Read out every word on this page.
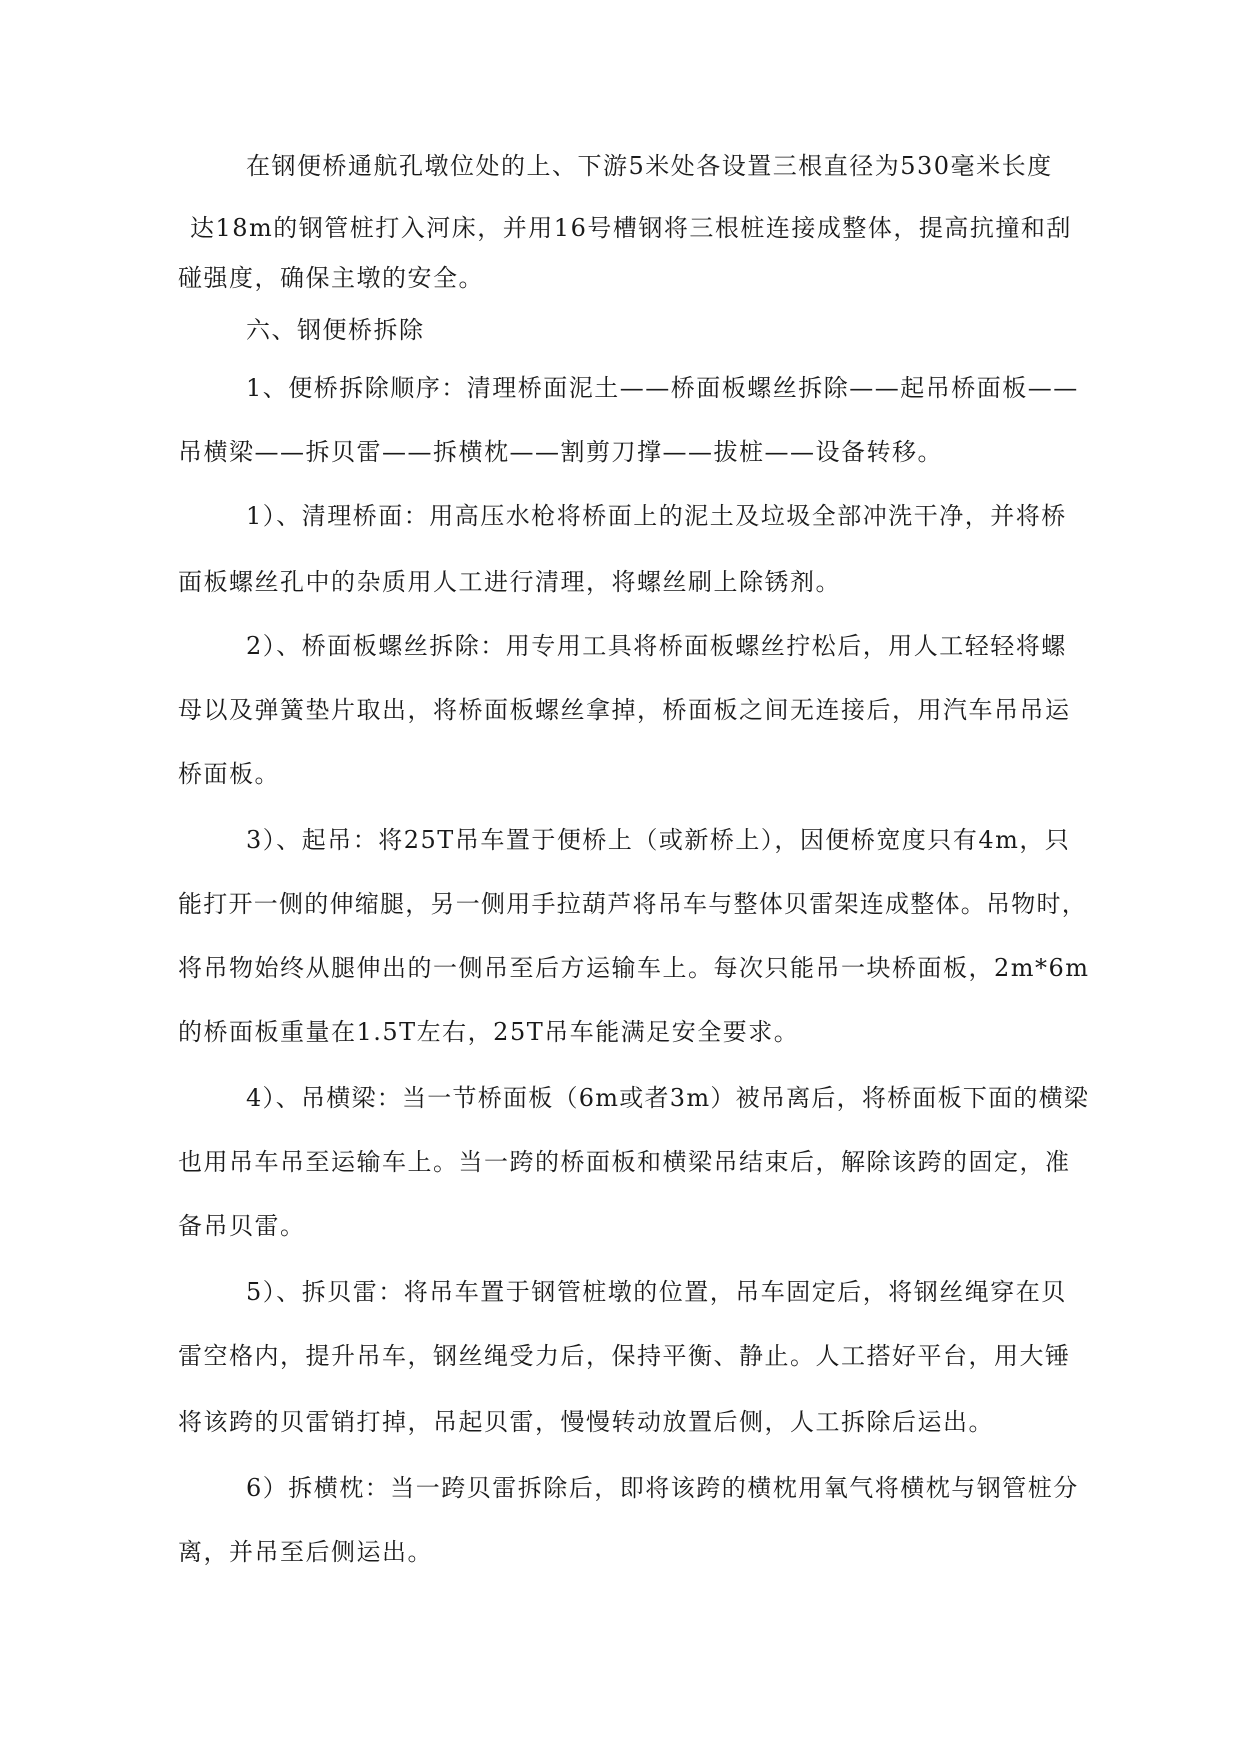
在钢便桥通航孔墩位处的上、下游5米处各设置三根直径为530毫米长度
达18m的钢管桩打入河床，并用16号槽钢将三根桩连接成整体，提高抗撞和刮
碰强度，确保主墩的安全。
六、钢便桥拆除
1、便桥拆除顺序：清理桥面泥土——桥面板螺丝拆除——起吊桥面板——
吊横梁——拆贝雷——拆横枕——割剪刀撑——拔桩——设备转移。
1）、清理桥面：用高压水枪将桥面上的泥土及垃圾全部冲洗干净，并将桥
面板螺丝孔中的杂质用人工进行清理，将螺丝刷上除锈剂。
2）、桥面板螺丝拆除：用专用工具将桥面板螺丝拧松后，用人工轻轻将螺
母以及弹簧垫片取出，将桥面板螺丝拿掉，桥面板之间无连接后，用汽车吊吊运
桥面板。
3）、起吊：将25T吊车置于便桥上（或新桥上），因便桥宽度只有4m，只
能打开一侧的伸缩腿，另一侧用手拉葫芦将吊车与整体贝雷架连成整体。吊物时，
将吊物始终从腿伸出的一侧吊至后方运输车上。每次只能吊一块桥面板，2m*6m
的桥面板重量在1.5T左右，25T吊车能满足安全要求。
4）、吊横梁：当一节桥面板（6m或者3m）被吊离后，将桥面板下面的横梁
也用吊车吊至运输车上。当一跨的桥面板和横梁吊结束后，解除该跨的固定，准
备吊贝雷。
5）、拆贝雷：将吊车置于钢管桩墩的位置，吊车固定后，将钢丝绳穿在贝
雷空格内，提升吊车，钢丝绳受力后，保持平衡、静止。人工搭好平台，用大锤
将该跨的贝雷销打掉，吊起贝雷，慢慢转动放置后侧，人工拆除后运出。
6）拆横枕：当一跨贝雷拆除后，即将该跨的横枕用氧气将横枕与钢管桩分
离，并吊至后侧运出。
